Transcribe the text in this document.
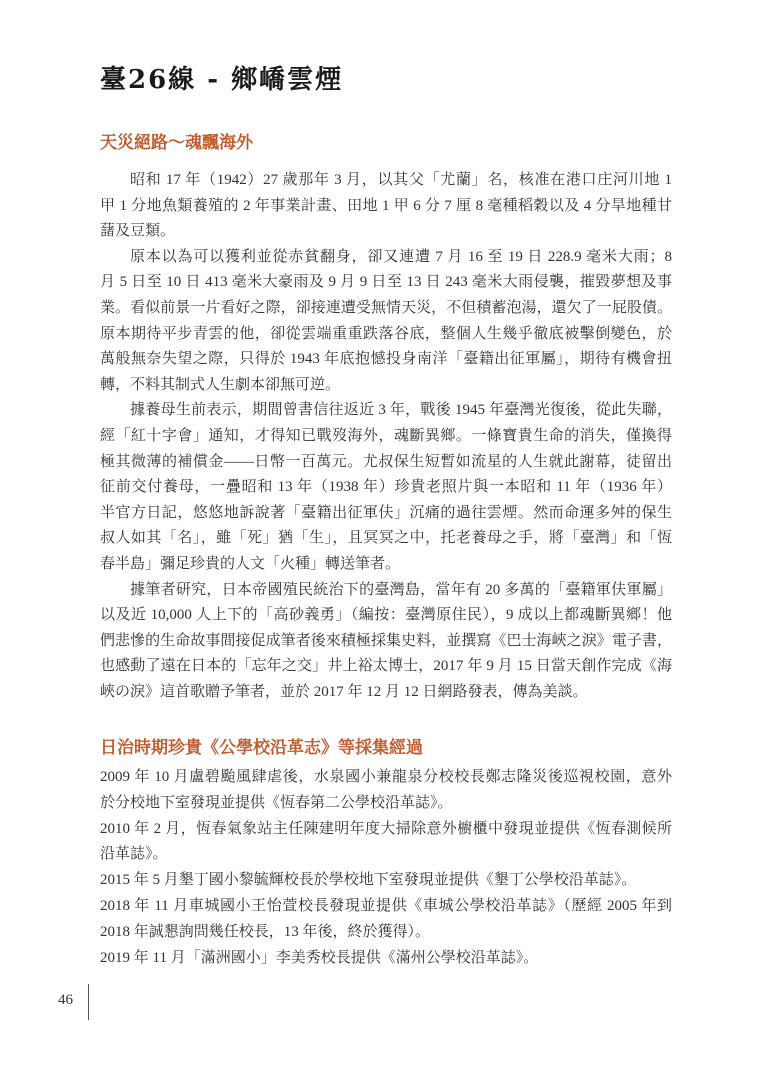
臺26線 - 鄉嶠雲煙
天災絕路～魂飄海外
昭和 17 年（1942）27 歲那年 3 月，以其父「尤蘭」名，核准在港口庄河川地 1
甲 1 分地魚類養殖的 2 年事業計畫、田地 1 甲 6 分 7 厘 8 毫種稻穀以及 4 分旱地種甘
藷及豆類。
原本以為可以獲利並從赤貧翻身，卻又連遭 7 月 16 至 19 日 228.9 毫米大雨；8
月 5 日至 10 日 413 毫米大豪雨及 9 月 9 日至 13 日 243 毫米大雨侵襲，摧毀夢想及事
業。看似前景一片看好之際，卻接連遭受無情天災，不但積蓄泡湯，還欠了一屁股債。
原本期待平步青雲的他，卻從雲端重重跌落谷底，整個人生幾乎徹底被擊倒變色，於
萬般無奈失望之際，只得於 1943 年底抱憾投身南洋「臺籍出征軍屬」，期待有機會扭
轉，不料其制式人生劇本卻無可逆。
據養母生前表示，期間曾書信往返近 3 年，戰後 1945 年臺灣光復後，從此失聯，
經「紅十字會」通知，才得知已戰歿海外，魂斷異鄉。一條寶貴生命的消失，僅換得
極其微薄的補償金——日幣一百萬元。尤叔保生短暫如流星的人生就此謝幕，徒留出
征前交付養母，一疊昭和 13 年（1938 年）珍貴老照片與一本昭和 11 年（1936 年）
半官方日記，悠悠地訴說著「臺籍出征軍伕」沉痛的過往雲煙。然而命運多舛的保生
叔人如其「名」，雖「死」猶「生」，且冥冥之中，托老養母之手，將「臺灣」和「恆
春半島」彌足珍貴的人文「火種」轉送筆者。
據筆者研究，日本帝國殖民統治下的臺灣島，當年有 20 多萬的「臺籍軍伕軍屬」
以及近 10,000 人上下的「高砂義勇」（編按：臺灣原住民），9 成以上都魂斷異鄉！他
們悲慘的生命故事間接促成筆者後來積極採集史料，並撰寫《巴士海峽之淚》電子書，
也感動了遠在日本的「忘年之交」井上裕太博士，2017 年 9 月 15 日當天創作完成《海
峽の淚》這首歌贈予筆者，並於 2017 年 12 月 12 日網路發表，傳為美談。
日治時期珍貴《公學校沿革志》等採集經過
2009 年 10 月盧碧颱風肆虐後，水泉國小兼龍泉分校校長鄭志隆災後巡視校園，意外
於分校地下室發現並提供《恆春第二公學校沿革誌》。
2010 年 2 月，恆春氣象站主任陳建明年度大掃除意外櫥櫃中發現並提供《恆春測候所
沿革誌》。
2015 年 5 月墾丁國小黎毓輝校長於學校地下室發現並提供《墾丁公學校沿革誌》。
2018 年 11 月車城國小王怡萱校長發現並提供《車城公學校沿革誌》（歷經 2005 年到
2018 年誠懇詢問幾任校長，13 年後，終於獲得）。
2019 年 11 月「滿洲國小」李美秀校長提供《滿州公學校沿革誌》。
46
